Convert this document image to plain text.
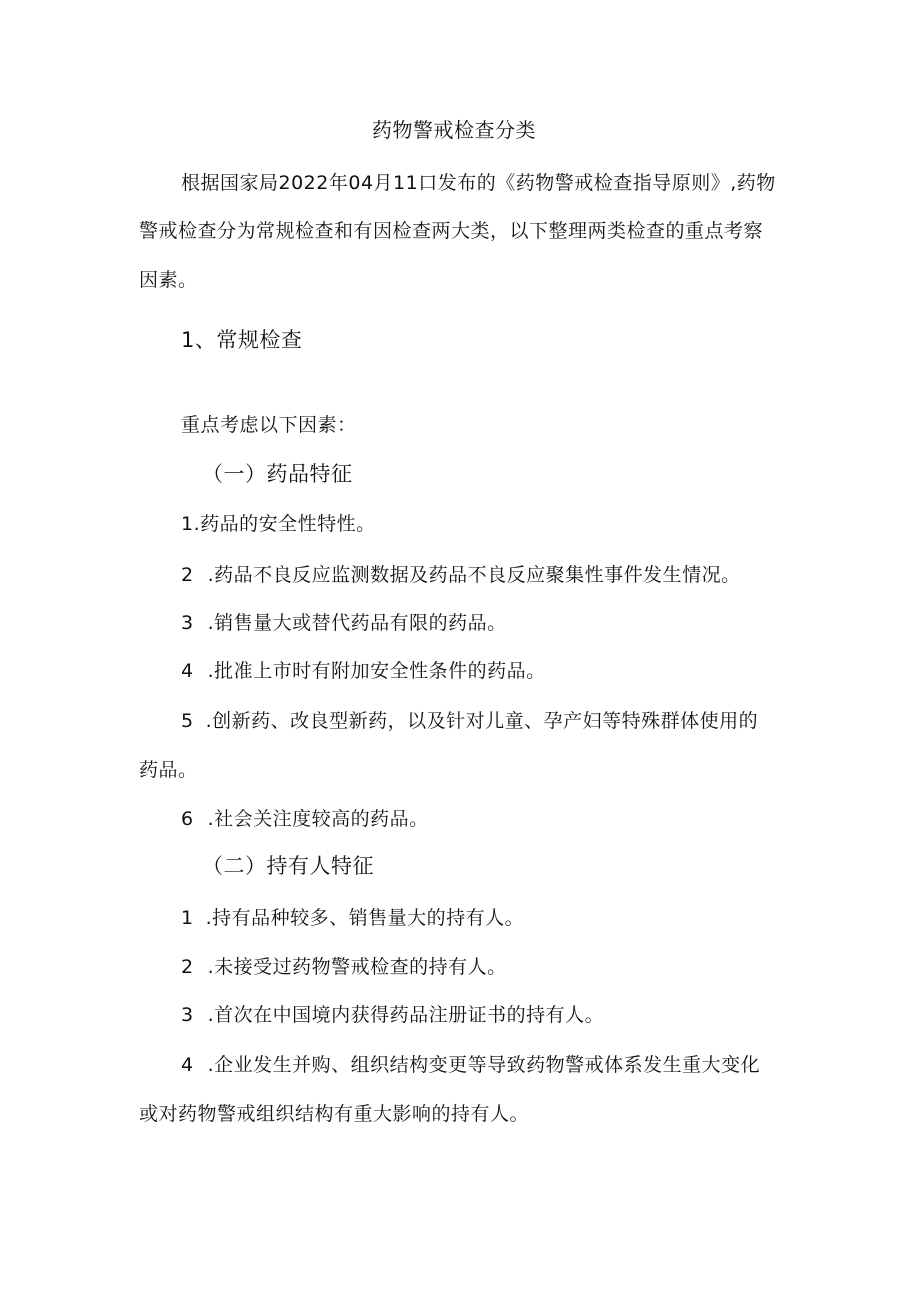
药物警戒检查分类

根据国家局2022年04月11口发布的《药物警戒检查指导原则》,药物

警戒检查分为常规检查和有因检查两大类，以下整理两类检查的重点考察

因素。

1、常规检查

重点考虑以下因素：

（一）药品特征

1.药品的安全性特性。

2 .药品不良反应监测数据及药品不良反应聚集性事件发生情况。

3 .销售量大或替代药品有限的药品。

4 .批准上市时有附加安全性条件的药品。

5 .创新药、改良型新药，以及针对儿童、孕产妇等特殊群体使用的

药品。

6 .社会关注度较高的药品。

（二）持有人特征

1 .持有品种较多、销售量大的持有人。

2 .未接受过药物警戒检查的持有人。

3 .首次在中国境内获得药品注册证书的持有人。

4 .企业发生并购、组织结构变更等导致药物警戒体系发生重大变化

或对药物警戒组织结构有重大影响的持有人。
